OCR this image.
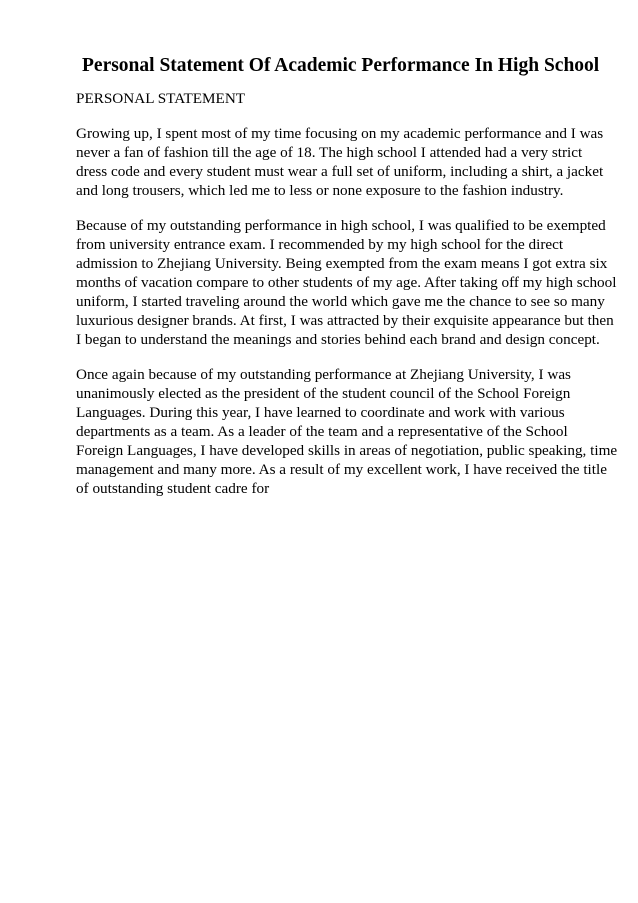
Personal Statement Of Academic Performance In High School
PERSONAL STATEMENT

Growing up, I spent most of my time focusing on my academic performance and I was
never a fan of fashion till the age of 18. The high school I attended had a very strict
dress code and every student must wear a full set of uniform, including a shirt, a jacket
and long trousers, which led me to less or none exposure to the fashion industry.

Because of my outstanding performance in high school, I was qualified to be exempted
from university entrance exam. I recommended by my high school for the direct
admission to Zhejiang University. Being exempted from the exam means I got extra six
months of vacation compare to other students of my age. After taking off my high school
uniform, I started traveling around the world which gave me the chance to see so many
luxurious designer brands. At first, I was attracted by their exquisite appearance but then
I began to understand the meanings and stories behind each brand and design concept.

Once again because of my outstanding performance at Zhejiang University, I was
unanimously elected as the president of the student council of the School Foreign
Languages. During this year, I have learned to coordinate and work with various
departments as a team. As a leader of the team and a representative of the School
Foreign Languages, I have developed skills in areas of negotiation, public speaking, time
management and many more. As a result of my excellent work, I have received the title
of outstanding student cadre for
